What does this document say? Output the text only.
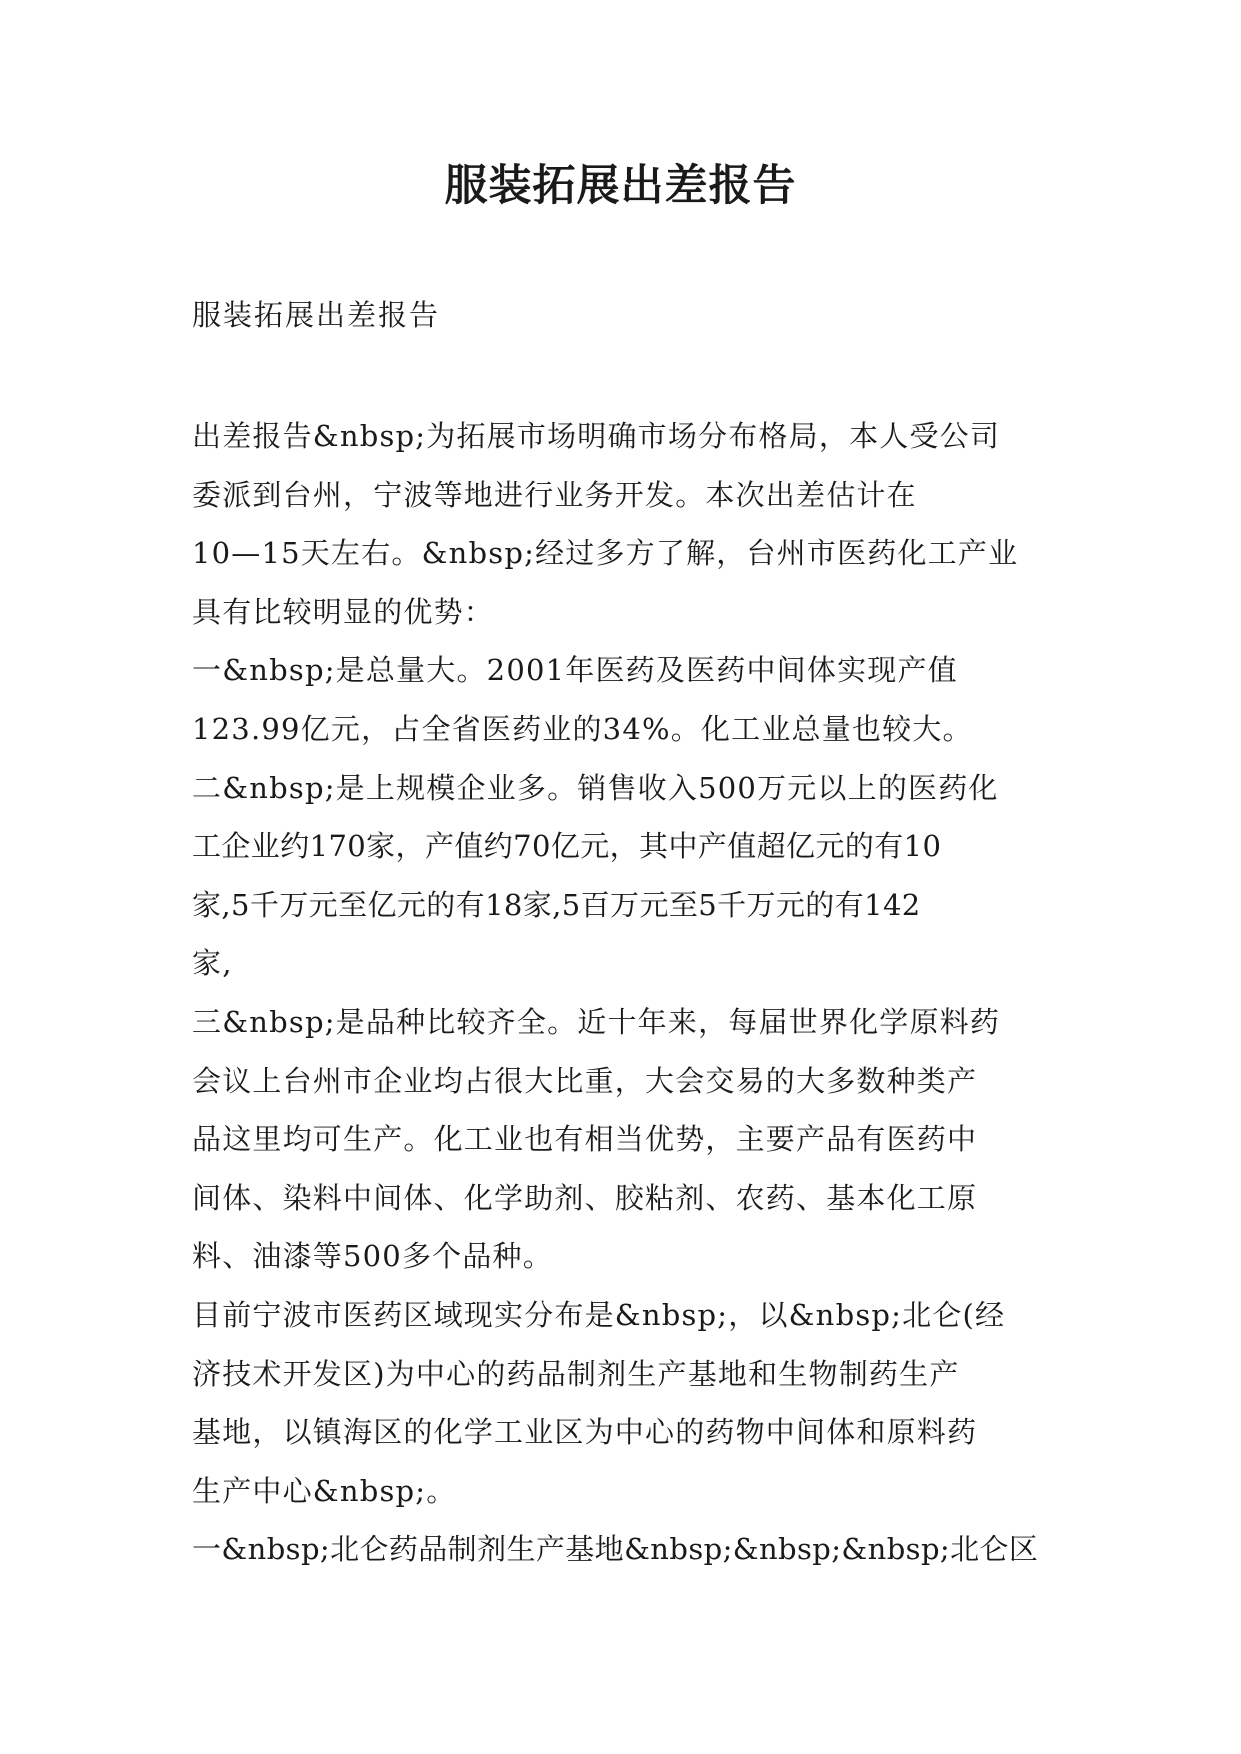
服装拓展出差报告
服装拓展出差报告
出差报告&nbsp;为拓展市场明确市场分布格局，本人受公司
委派到台州，宁波等地进行业务开发。本次出差估计在
10—15天左右。&nbsp;经过多方了解，台州市医药化工产业
具有比较明显的优势：
一&nbsp;是总量大。2001年医药及医药中间体实现产值
123.99亿元，占全省医药业的34%。化工业总量也较大。
二&nbsp;是上规模企业多。销售收入500万元以上的医药化
工企业约170家，产值约70亿元，其中产值超亿元的有10
家,5千万元至亿元的有18家,5百万元至5千万元的有142
家,
三&nbsp;是品种比较齐全。近十年来，每届世界化学原料药
会议上台州市企业均占很大比重，大会交易的大多数种类产
品这里均可生产。化工业也有相当优势，主要产品有医药中
间体、染料中间体、化学助剂、胶粘剂、农药、基本化工原
料、油漆等500多个品种。
目前宁波市医药区域现实分布是&nbsp;，以&nbsp;北仑(经
济技术开发区)为中心的药品制剂生产基地和生物制药生产
基地，以镇海区的化学工业区为中心的药物中间体和原料药
生产中心&nbsp;。
一&nbsp;北仑药品制剂生产基地&nbsp;&nbsp;&nbsp;北仑区
